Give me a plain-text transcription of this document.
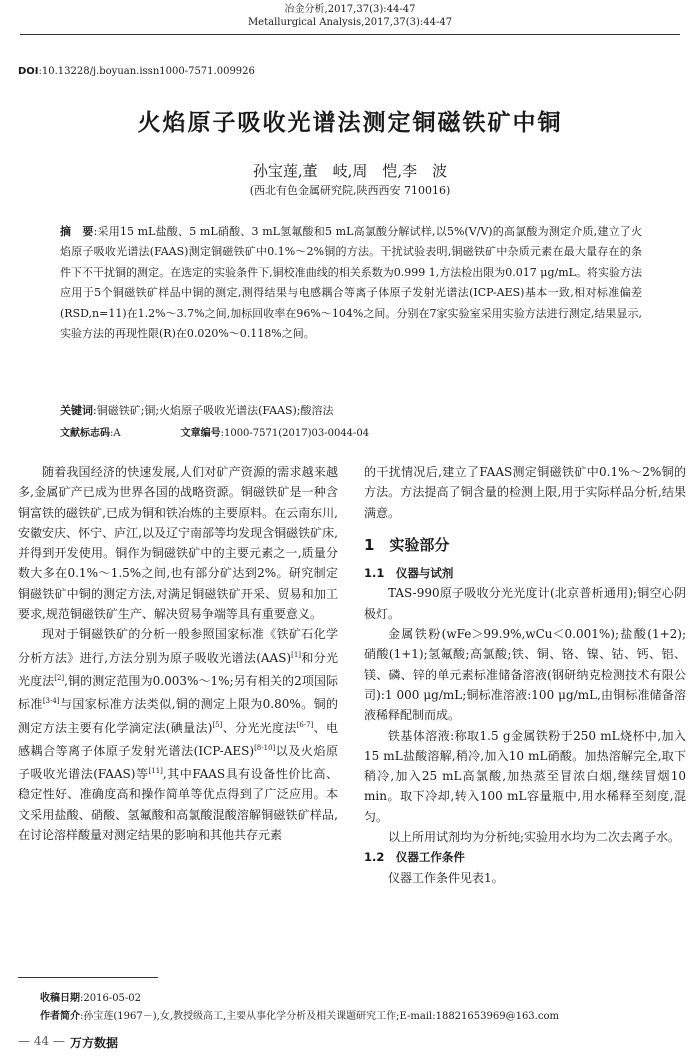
冶金分析,2017,37(3):44-47
Metallurgical Analysis,2017,37(3):44-47
DOI:10.13228/j.boyuan.issn1000-7571.009926
火焰原子吸收光谱法测定铜磁铁矿中铜
孙宝莲,董　岐,周　恺,李　波
(西北有色金属研究院,陕西西安 710016)
摘　要:采用15 mL盐酸、5 mL硝酸、3 mL氢氟酸和5 mL高氯酸分解试样,以5%(V/V)的高氯酸为测定介质,建立了火焰原子吸收光谱法(FAAS)测定铜磁铁矿中0.1%～2%铜的方法。干扰试验表明,铜磁铁矿中杂质元素在最大量存在的条件下不干扰铜的测定。在选定的实验条件下,铜校准曲线的相关系数为0.999 1,方法检出限为0.017 μg/mL。将实验方法应用于5个铜磁铁矿样品中铜的测定,测得结果与电感耦合等离子体原子发射光谱法(ICP-AES)基本一致,相对标准偏差(RSD,n=11)在1.2%～3.7%之间,加标回收率在96%～104%之间。分别在7家实验室采用实验方法进行测定,结果显示,实验方法的再现性限(R)在0.020%～0.118%之间。
关键词:铜磁铁矿;铜;火焰原子吸收光谱法(FAAS);酸溶法
文献标志码:A	文章编号:1000-7571(2017)03-0044-04

随着我国经济的快速发展,人们对矿产资源的需求越来越多,金属矿产已成为世界各国的战略资源。铜磁铁矿是一种含铜富铁的磁铁矿,已成为铜和铁冶炼的主要原料。在云南东川,安徽安庆、怀宁、庐江,以及辽宁南部等均发现含铜磁铁矿床,并得到开发使用。铜作为铜磁铁矿中的主要元素之一,质量分数大多在0.1%～1.5%之间,也有部分矿达到2%。研究制定铜磁铁矿中铜的测定方法,对满足铜磁铁矿开采、贸易和加工要求,规范铜磁铁矿生产、解决贸易争端等具有重要意义。

现对于铜磁铁矿的分析一般参照国家标准《铁矿石化学分析方法》进行,方法分别为原子吸收光谱法(AAS)[1]和分光光度法[2],铜的测定范围为0.003%～1%;另有相关的2项国际标准[3-4]与国家标准方法类似,铜的测定上限为0.80%。铜的测定方法主要有化学滴定法(碘量法)[5]、分光光度法[6-7]、电感耦合等离子体原子发射光谱法(ICP-AES)[8-10]以及火焰原子吸收光谱法(FAAS)等[11],其中FAAS具有设备性价比高、稳定性好、准确度高和操作简单等优点得到了广泛应用。本文采用盐酸、硝酸、氢氟酸和高氯酸混酸溶解铜磁铁矿样品,在讨论溶样酸量对测定结果的影响和其他共存元素

的干扰情况后,建立了FAAS测定铜磁铁矿中0.1%～2%铜的方法。方法提高了铜含量的检测上限,用于实际样品分析,结果满意。

1　实验部分
1.1　仪器与试剂

TAS-990原子吸收分光光度计(北京普析通用);铜空心阴极灯。

金属铁粉(wFe＞99.9%,wCu＜0.001%);盐酸(1+2);硝酸(1+1);氢氟酸;高氯酸;铁、铜、铬、镍、钴、钙、铝、镁、磷、锌的单元素标准储备溶液(钢研纳克检测技术有限公司):1 000 μg/mL;铜标准溶液:100 μg/mL,由铜标准储备溶液稀释配制而成。

铁基体溶液:称取1.5 g金属铁粉于250 mL烧杯中,加入15 mL盐酸溶解,稍冷,加入10 mL硝酸。加热溶解完全,取下稍冷,加入25 mL高氯酸,加热蒸至冒浓白烟,继续冒烟10 min。取下冷却,转入100 mL容量瓶中,用水稀释至刻度,混匀。

以上所用试剂均为分析纯;实验用水均为二次去离子水。

1.2　仪器工作条件

仪器工作条件见表1。

收稿日期:2016-05-02
作者简介:孙宝莲(1967－),女,教授级高工,主要从事化学分析及相关课题研究工作;E-mail:18821653969@163.com
— 44 — 万方数据
